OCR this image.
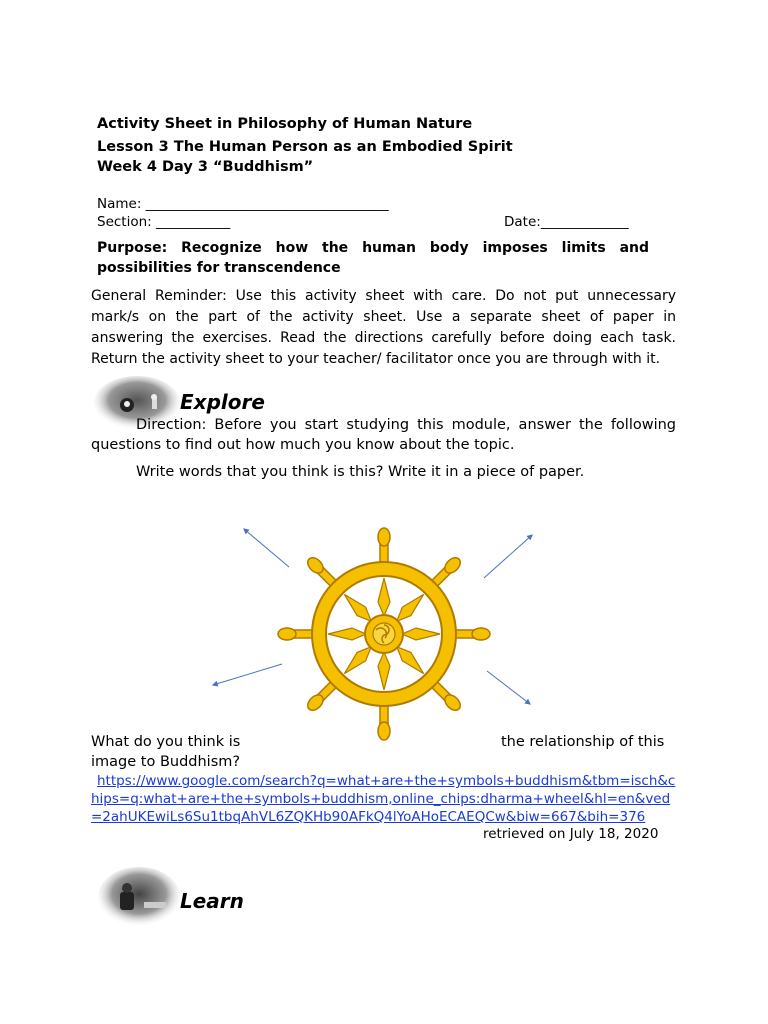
Activity Sheet in Philosophy of Human Nature
Lesson 3 The Human Person as an Embodied Spirit
Week 4 Day 3 “Buddhism”
Name: ____________________________________
Section: ___________	Date:_____________
Purpose: Recognize how the human body imposes limits and possibilities for transcendence
General Reminder: Use this activity sheet with care. Do not put unnecessary mark/s on the part of the activity sheet. Use a separate sheet of paper in answering the exercises. Read the directions carefully before doing each task. Return the activity sheet to your teacher/ facilitator once you are through with it.
Explore
Direction: Before you start studying this module, answer the following questions to find out how much you know about the topic.
Write words that you think is this? Write it in a piece of paper.
What do you think is	the relationship of this
image to Buddhism?
https://www.google.com/search?q=what+are+the+symbols+buddhism&tbm=isch&chips=q:what+are+the+symbols+buddhism,online_chips:dharma+wheel&hl=en&ved=2ahUKEwiLs6Su1tbqAhVL6ZQKHb90AFkQ4lYoAHoECAEQCw&biw=667&bih=376
retrieved on July 18, 2020
Learn
